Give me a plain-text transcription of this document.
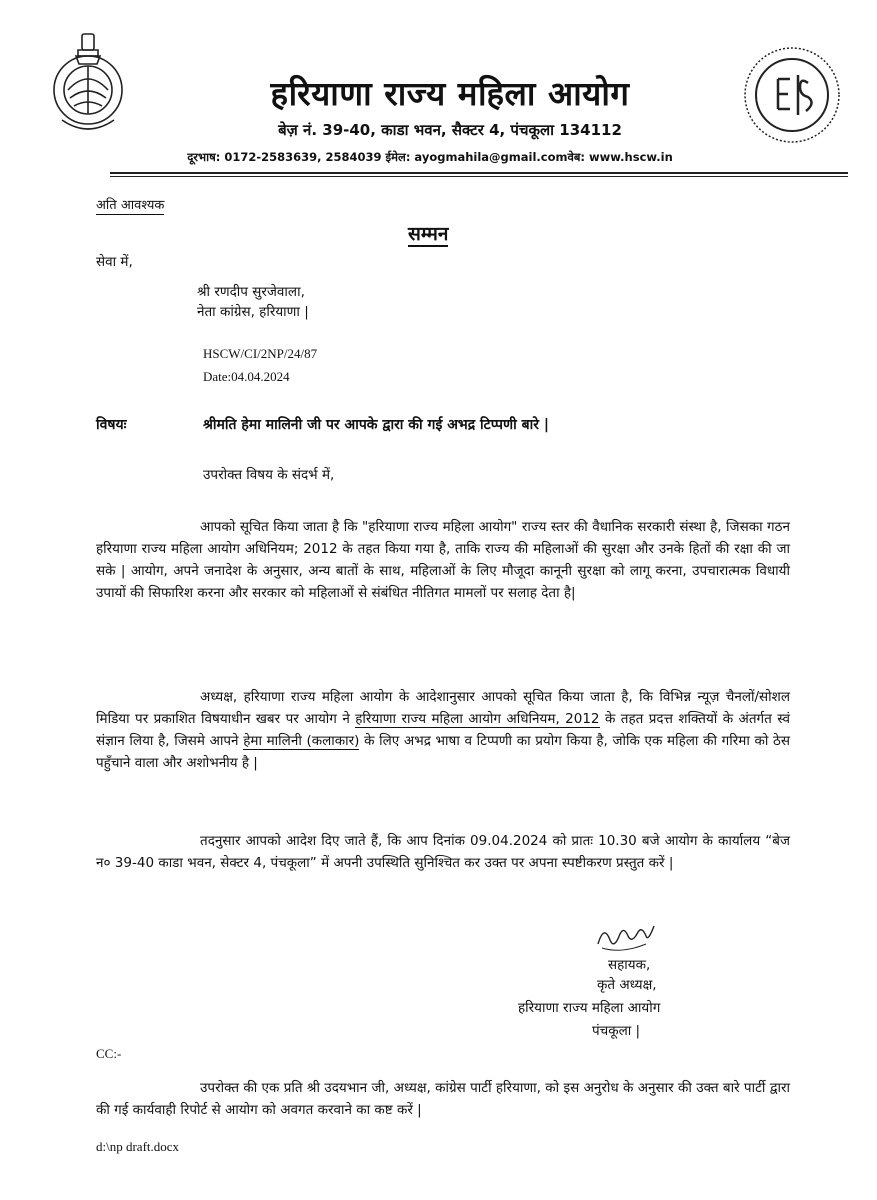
हरियाणा राज्य महिला आयोग
बेज़ नं. 39-40, काडा भवन, सैक्टर 4, पंचकूला 134112
दूरभाष: 0172-2583639, 2584039 ईमेल: ayogmahila@gmail.comवेब: www.hscw.in
अति आवश्यक
सम्मन
सेवा में,
श्री रणदीप सुरजेवाला,
नेता कांग्रेस, हरियाणा |
HSCW/CI/2NP/24/87
Date:04.04.2024
विषयः	श्रीमति हेमा मालिनी जी पर आपके द्वारा की गई अभद्र टिप्पणी बारे |
उपरोक्त विषय के संदर्भ में,
आपको सूचित किया जाता है कि "हरियाणा राज्य महिला आयोग" राज्य स्तर की वैधानिक सरकारी संस्था है, जिसका गठन हरियाणा राज्य महिला आयोग अधिनियम; 2012 के तहत किया गया है, ताकि राज्य की महिलाओं की सुरक्षा और उनके हितों की रक्षा की जा सके | आयोग, अपने जनादेश के अनुसार, अन्य बातों के साथ, महिलाओं के लिए मौजूदा कानूनी सुरक्षा को लागू करना, उपचारात्मक विधायी उपायों की सिफारिश करना और सरकार को महिलाओं से संबंधित नीतिगत मामलों पर सलाह देता है|
अध्यक्ष, हरियाणा राज्य महिला आयोग के आदेशानुसार आपको सूचित किया जाता है, कि विभिन्न न्यूज़ चैनलों/सोशल मिडिया पर प्रकाशित विषयाधीन खबर पर आयोग ने हरियाणा राज्य महिला आयोग अधिनियम, 2012 के तहत प्रदत्त शक्तियों के अंतर्गत स्वं संज्ञान लिया है, जिसमे आपने हेमा मालिनी (कलाकार) के लिए अभद्र भाषा व टिप्पणी का प्रयोग किया है, जोकि एक महिला की गरिमा को ठेस पहुँचाने वाला और अशोभनीय है |
तदनुसार आपको आदेश दिए जाते हैं, कि आप दिनांक 09.04.2024 को प्रातः 10.30 बजे आयोग के कार्यालय “बेज न० 39-40 काडा भवन, सेक्टर 4, पंचकूला” में अपनी उपस्थिति सुनिश्चित कर उक्त पर अपना स्पष्टीकरण प्रस्तुत करें |
सहायक,
कृते अध्यक्ष,
हरियाणा राज्य महिला आयोग
पंचकूला |
CC:-
उपरोक्त की एक प्रति श्री उदयभान जी, अध्यक्ष, कांग्रेस पार्टी हरियाणा, को इस अनुरोध के अनुसार की उक्त बारे पार्टी द्वारा की गई कार्यवाही रिपोर्ट से आयोग को अवगत करवाने का कष्ट करें |
d:\np draft.docx
